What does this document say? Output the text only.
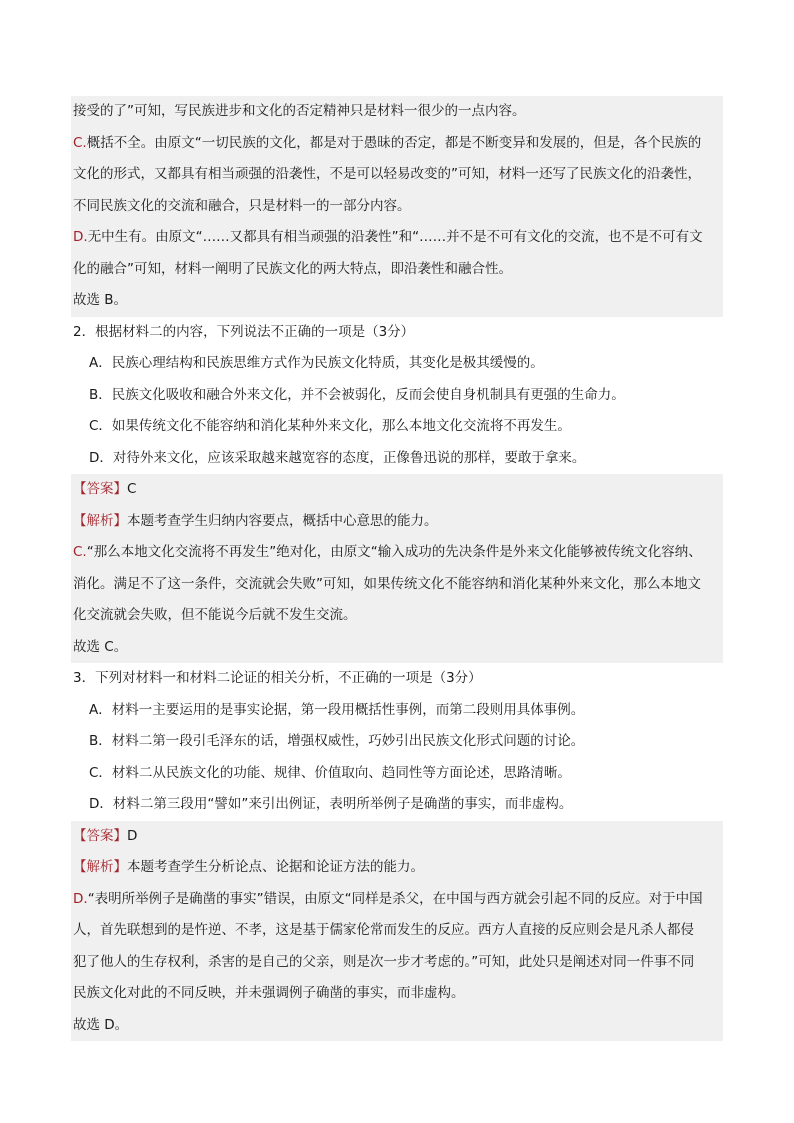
接受的了”可知，写民族进步和文化的否定精神只是材料一很少的一点内容。
C.概括不全。由原文“一切民族的文化，都是对于愚昧的否定，都是不断变异和发展的，但是，各个民族的
文化的形式，又都具有相当顽强的沿袭性，不是可以轻易改变的”可知，材料一还写了民族文化的沿袭性，
不同民族文化的交流和融合，只是材料一的一部分内容。
D.无中生有。由原文“……又都具有相当顽强的沿袭性”和“……并不是不可有文化的交流，也不是不可有文
化的融合”可知，材料一阐明了民族文化的两大特点，即沿袭性和融合性。
故选 B。
2．根据材料二的内容，下列说法不正确的一项是（3分）
A．民族心理结构和民族思维方式作为民族文化特质，其变化是极其缓慢的。
B．民族文化吸收和融合外来文化，并不会被弱化，反而会使自身机制具有更强的生命力。
C．如果传统文化不能容纳和消化某种外来文化，那么本地文化交流将不再发生。
D．对待外来文化，应该采取越来越宽容的态度，正像鲁迅说的那样，要敢于拿来。
【答案】C
【解析】本题考查学生归纳内容要点，概括中心意思的能力。
C.“那么本地文化交流将不再发生”绝对化，由原文“输入成功的先决条件是外来文化能够被传统文化容纳、
消化。满足不了这一条件，交流就会失败”可知，如果传统文化不能容纳和消化某种外来文化，那么本地文
化交流就会失败，但不能说今后就不发生交流。
故选 C。
3．下列对材料一和材料二论证的相关分析，不正确的一项是（3分）
A．材料一主要运用的是事实论据，第一段用概括性事例，而第二段则用具体事例。
B．材料二第一段引毛泽东的话，增强权威性，巧妙引出民族文化形式问题的讨论。
C．材料二从民族文化的功能、规律、价值取向、趋同性等方面论述，思路清晰。
D．材料二第三段用“譬如”来引出例证，表明所举例子是确凿的事实，而非虚构。
【答案】D
【解析】本题考查学生分析论点、论据和论证方法的能力。
D.“表明所举例子是确凿的事实”错误，由原文“同样是杀父，在中国与西方就会引起不同的反应。对于中国
人，首先联想到的是忤逆、不孝，这是基于儒家伦常而发生的反应。西方人直接的反应则会是凡杀人都侵
犯了他人的生存权利，杀害的是自己的父亲，则是次一步才考虑的。”可知，此处只是阐述对同一件事不同
民族文化对此的不同反映，并未强调例子确凿的事实，而非虚构。
故选 D。
